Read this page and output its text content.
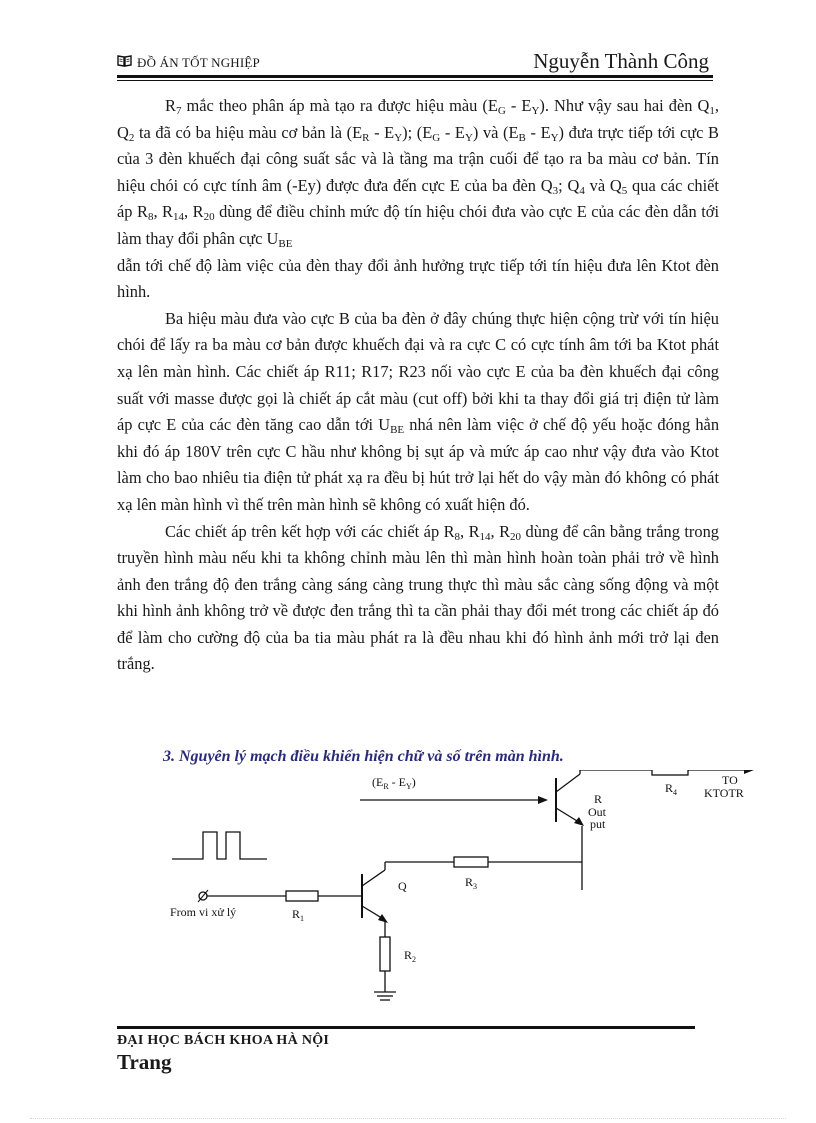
ĐỒ ÁN TỐT NGHIỆP	Nguyễn Thành Công

$R_7$ mắc theo phân áp mà tạo ra được hiệu màu $(E_G - E_Y)$. Như vậy sau hai đèn $Q_1$, $Q_2$ ta đã có ba hiệu màu cơ bản là $(E_R - E_Y)$; $(E_G - E_Y)$ và $(E_B - E_Y)$ đưa trực tiếp tới cực B của 3 đèn khuếch đại công suất sắc và là tầng ma trận cuối để tạo ra ba màu cơ bản. Tín hiệu chói có cực tính âm (-Ey) được đưa đến cực E của ba đèn $Q_3$; $Q_4$ và $Q_5$ qua các chiết áp $R_8$, $R_{14}$, $R_{20}$ dùng để điều chỉnh mức độ tín hiệu chói đưa vào cực E của các đèn dẫn tới làm thay đổi phân cực $U_{BE}$

dẫn tới chế độ làm việc của đèn thay đổi ảnh hưởng trực tiếp tới tín hiệu đưa lên Ktot đèn hình.

Ba hiệu màu đưa vào cực B của ba đèn ở đây chúng thực hiện cộng trừ với tín hiệu chói để lấy ra ba màu cơ bản được khuếch đại và ra cực C có cực tính âm tới ba Ktot phát xạ lên màn hình. Các chiết áp R11; R17; R23 nối vào cực E của ba đèn khuếch đại công suất với masse được gọi là chiết áp cắt màu (cut off) bởi khi ta thay đổi giá trị điện tử làm áp cực E của các đèn tăng cao dẫn tới $U_{BE}$ nhá nên làm việc ở chế độ yếu hoặc đóng hẳn khi đó áp 180V trên cực C hầu như không bị sụt áp và mức áp cao như vậy đưa vào Ktot làm cho bao nhiêu tia điện tử phát xạ ra đều bị hút trở lại hết do vậy màn đó không có phát xạ lên màn hình vì thế trên màn hình sẽ không có xuất hiện đó.

Các chiết áp trên kết hợp với các chiết áp $R_8$, $R_{14}$, $R_{20}$ dùng để cân bằng trắng trong truyền hình màu nếu khi ta không chỉnh màu lên thì màn hình hoàn toàn phải trở về hình ảnh đen trắng độ đen trắng càng sáng càng trung thực thì màu sắc càng sống động và một khi hình ảnh không trở về được đen trắng thì ta cần phải thay đổi mét trong các chiết áp đó để làm cho cường độ của ba tia màu phát ra là đều nhau khi đó hình ảnh mới trở lại đen trắng.

3. Nguyên lý mạch điều khiển hiện chữ và số trên màn hình.
$(E_R - E_Y)$
R
Out
put
$R_4$
TO
KTOTR
$R_3$
Q
From vi xử lý	$R_1$
$R_2$
ĐẠI HỌC BÁCH KHOA HÀ NỘI
Trang
